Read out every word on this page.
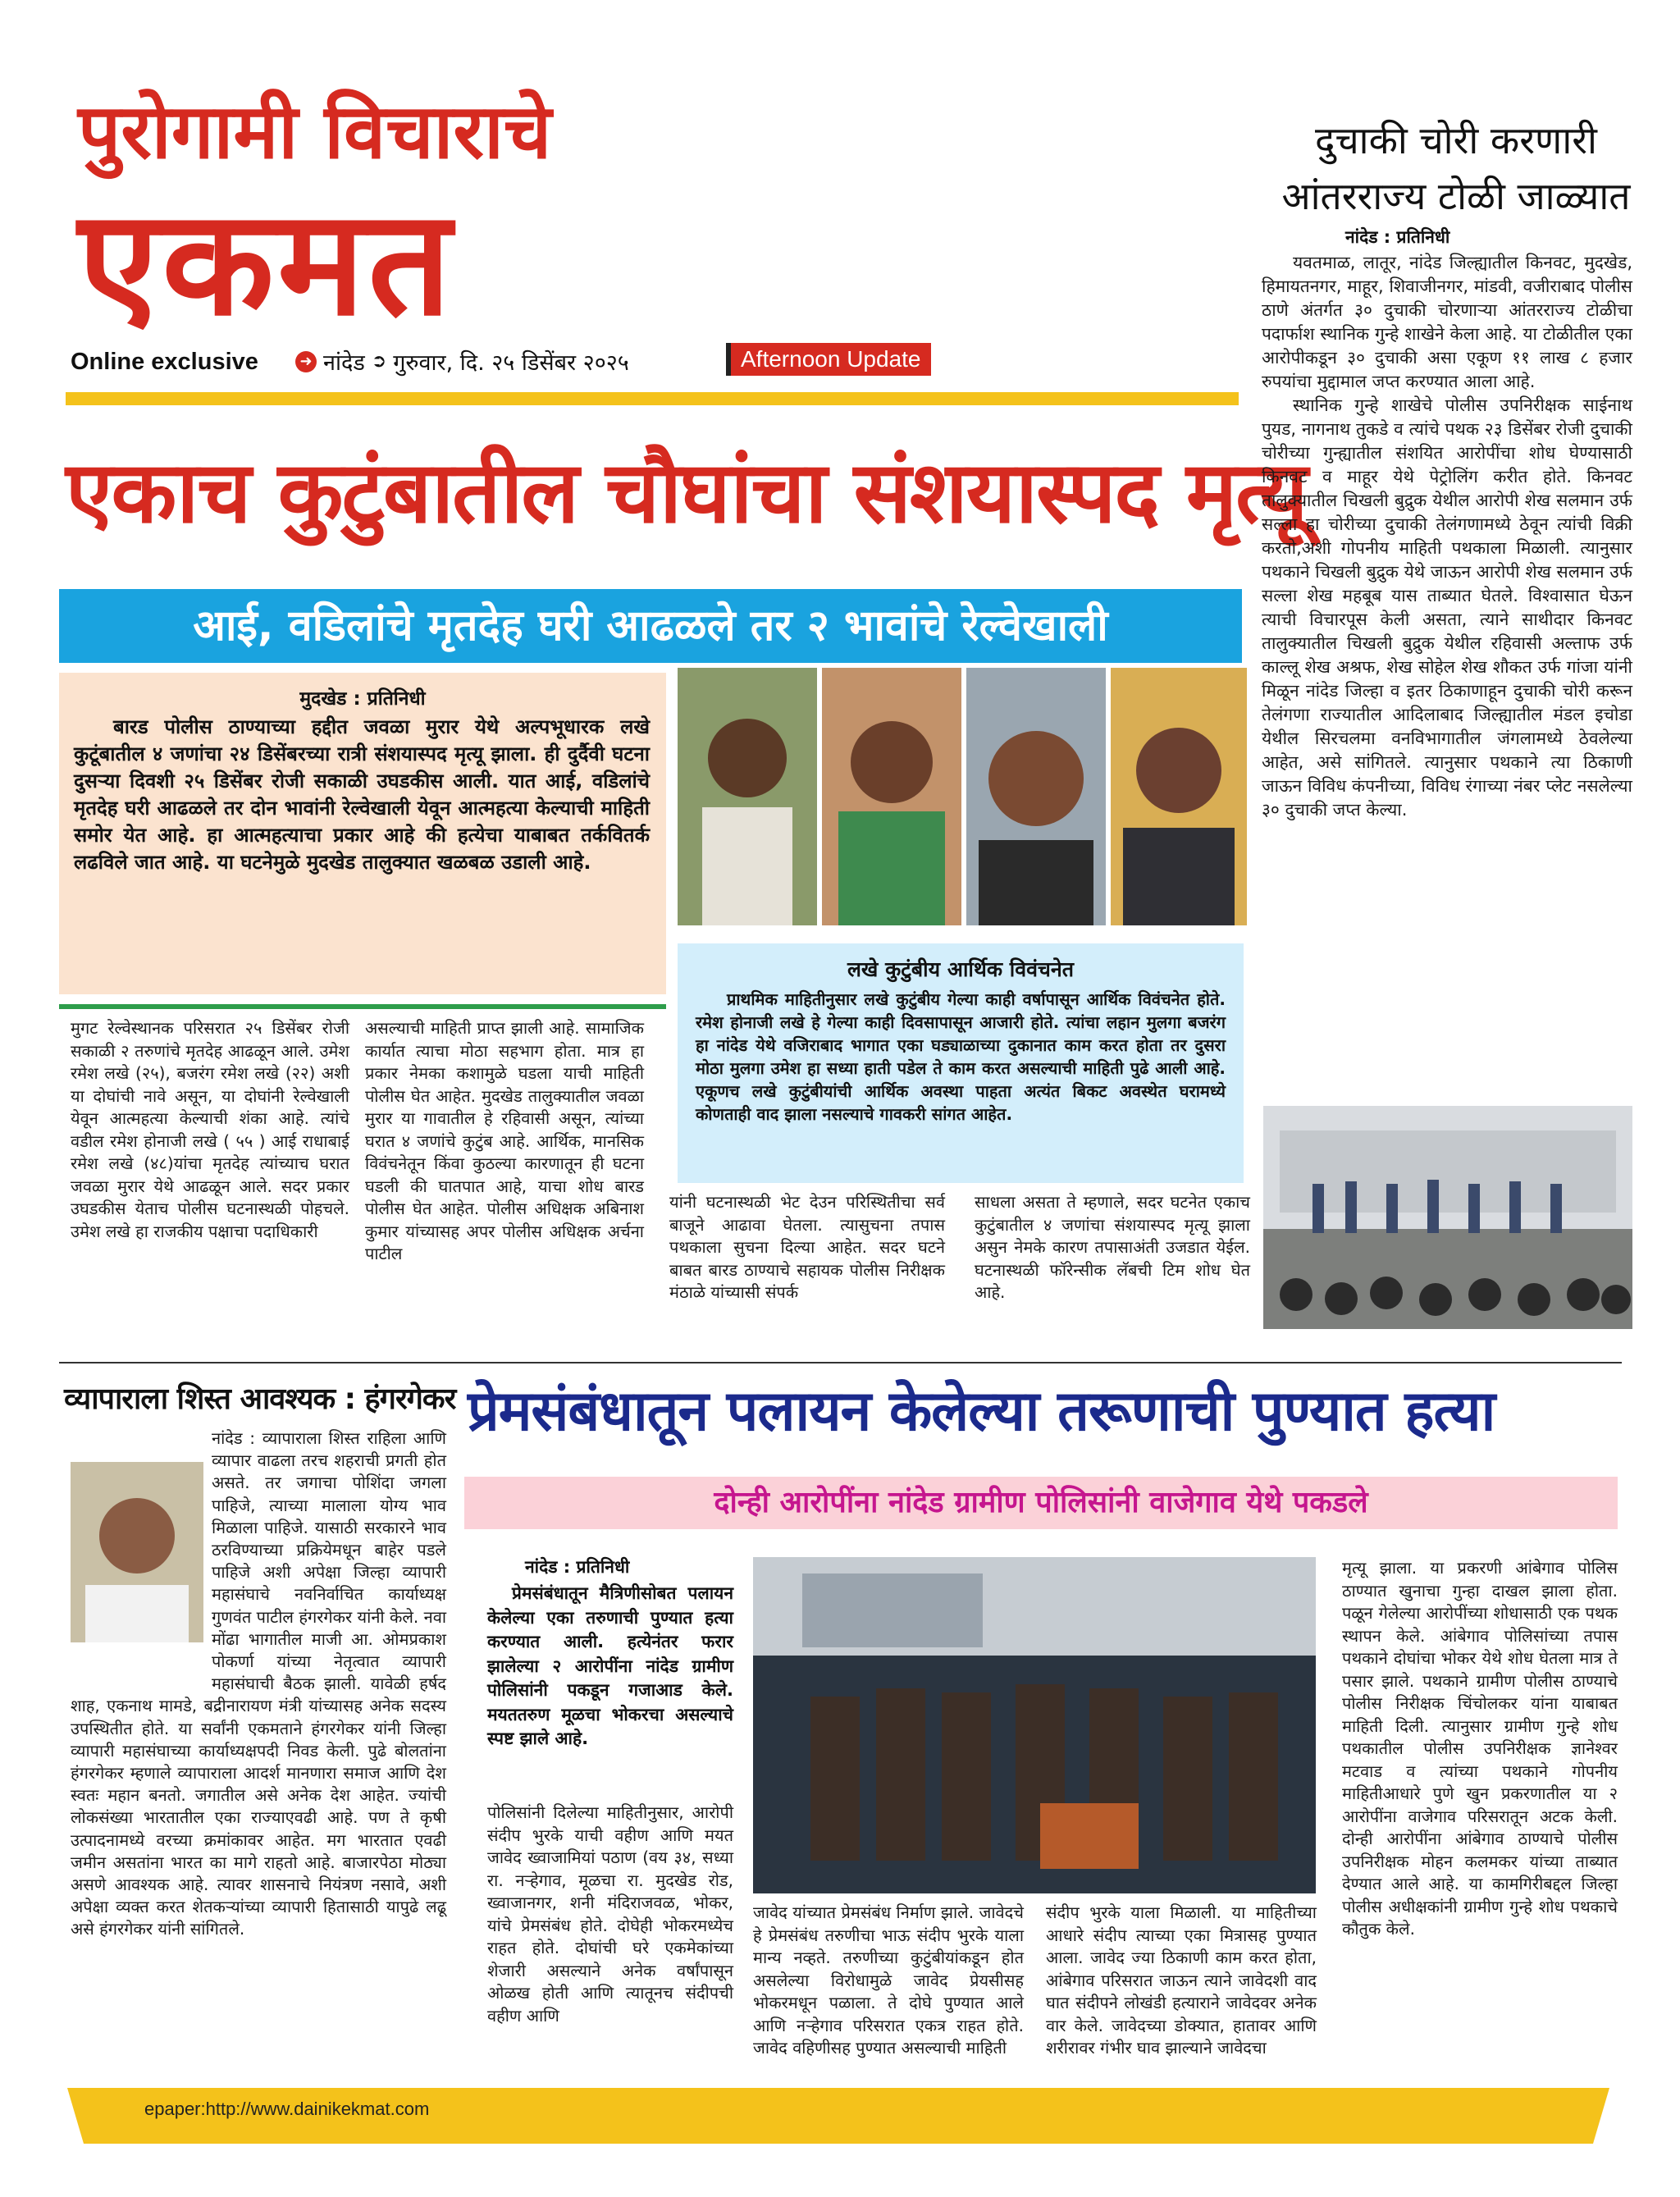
पुरोगामी विचाराचे
एकमत
Online exclusive	➜ नांदेड ➲ गुरुवार, दि. २५ डिसेंबर २०२५	Afternoon Update
एकाच कुटुंबातील चौघांचा संशयास्पद मृत्यू
आई, वडिलांचे मृतदेह घरी आढळले तर २ भावांचे रेल्वेखाली
दुचाकी चोरी करणारी
आंतरराज्य टोळी जाळ्यात
नांदेड : प्रतिनिधी

यवतमाळ, लातूर, नांदेड जिल्ह्यातील किनवट, मुदखेड, हिमायतनगर, माहूर, शिवाजीनगर, मांडवी, वजीराबाद पोलीस ठाणे अंतर्गत ३० दुचाकी चोरणाऱ्या आंतरराज्य टोळीचा पदार्फाश स्थानिक गुन्हे शाखेने केला आहे. या टोळीतील एका आरोपीकडून ३० दुचाकी असा एकूण ११ लाख ८ हजार रुपयांचा मुद्दामाल जप्त करण्यात आला आहे.

स्थानिक गुन्हे शाखेचे पोलीस उपनिरीक्षक साईनाथ पुयड, नागनाथ तुकडे व त्यांचे पथक २३ डिसेंबर रोजी दुचाकी चोरीच्या गुन्ह्यातील संशयित आरोपींचा शोध घेण्यासाठी किनवट व माहूर येथे पेट्रोलिंग करीत होते. किनवट तालुक्यातील चिखली बुद्रुक येथील आरोपी शेख सलमान उर्फ सल्ला हा चोरीच्या दुचाकी तेलंगणामध्ये ठेवून त्यांची विक्री करतो,अशी गोपनीय माहिती पथकाला मिळाली. त्यानुसार पथकाने चिखली बुद्रुक येथे जाऊन आरोपी शेख सलमान उर्फ सल्ला शेख महबूब यास ताब्यात घेतले. विश्वासात घेऊन त्याची विचारपूस केली असता, त्याने साथीदार किनवट तालुक्यातील चिखली बुद्रुक येथील रहिवासी अल्ताफ उर्फ काल्लू शेख अश्रफ, शेख सोहेल शेख शौकत उर्फ गांजा यांनी मिळून नांदेड जिल्हा व इतर ठिकाणाहून दुचाकी चोरी करून तेलंगणा राज्यातील आदिलाबाद जिल्ह्यातील मंडल इचोडा येथील सिरचलमा वनविभागातील जंगलामध्ये ठेवलेल्या आहेत, असे सांगितले. त्यानुसार पथकाने त्या ठिकाणी जाऊन विविध कंपनीच्या, विविध रंगाच्या नंबर प्लेट नसलेल्या ३० दुचाकी जप्त केल्या.

मुदखेड : प्रतिनिधी
बारड पोलीस ठाण्याच्या हद्दीत जवळा मुरार येथे अल्पभूधारक लखे कुटूंबातील ४ जणांचा २४ डिसेंबरच्या रात्री संशयास्पद मृत्यू झाला. ही दुर्दैवी घटना दुसऱ्या दिवशी २५ डिसेंबर रोजी सकाळी उघडकीस आली. यात आई, वडिलांचे मृतदेह घरी आढळले तर दोन भावांनी रेल्वेखाली येवून आत्महत्या केल्याची माहिती समोर येत आहे. हा आत्महत्याचा प्रकार आहे की हत्येचा याबाबत तर्कवितर्क लढविले जात आहे. या घटनेमुळे मुदखेड तालुक्यात खळबळ उडाली आहे.
लखे कुटुंबीय आर्थिक विवंचनेत
प्राथमिक माहितीनुसार लखे कुटुंबीय गेल्या काही वर्षापासून आर्थिक विवंचनेत होते. रमेश होनाजी लखे हे गेल्या काही दिवसापासून आजारी होते. त्यांचा लहान मुलगा बजरंग हा नांदेड येथे वजिराबाद भागात एका घड्याळाच्या दुकानात काम करत होता तर दुसरा मोठा मुलगा उमेश हा सध्या हाती पडेल ते काम करत असल्याची माहिती पुढे आली आहे. एकूणच लखे कुटुंबीयांची आर्थिक अवस्था पाहता अत्यंत बिकट अवस्थेत घरामध्ये कोणताही वाद झाला नसल्याचे गावकरी सांगत आहेत.
मुगट रेल्वेस्थानक परिसरात २५ डिसेंबर रोजी सकाळी २ तरुणांचे मृतदेह आढळून आले. उमेश रमेश लखे (२५), बजरंग रमेश लखे (२२) अशी या दोघांची नावे असून, या दोघांनी रेल्वेखाली येवून आत्महत्या केल्याची शंका आहे. त्यांचे वडील रमेश होनाजी लखे ( ५५ ) आई राधाबाई रमेश लखे (४८)यांचा मृतदेह त्यांच्याच घरात जवळा मुरार येथे आढळून आले. सदर प्रकार उघडकीस येताच पोलीस घटनास्थळी पोहचले. उमेश लखे हा राजकीय पक्षाचा पदाधिकारी
असल्याची माहिती प्राप्त झाली आहे. सामाजिक कार्यात त्याचा मोठा सहभाग होता. मात्र हा प्रकार नेमका कशामुळे घडला याची माहिती पोलीस घेत आहेत. मुदखेड तालुक्यातील जवळा मुरार या गावातील हे रहिवासी असून, त्यांच्या घरात ४ जणांचे कुटुंब आहे. आर्थिक, मानसिक विवंचनेतून किंवा कुठल्या कारणातून ही घटना घडली की घातपात आहे, याचा शोध बारड पोलीस घेत आहेत. पोलीस अधिक्षक अबिनाश कुमार यांच्यासह अपर पोलीस अधिक्षक अर्चना पाटील
यांनी घटनास्थळी भेट देउन परिस्थितीचा सर्व बाजूने आढावा घेतला. त्यासुचना तपास पथकाला सुचना दिल्या आहेत. सदर घटने बाबत बारड ठाण्याचे सहायक पोलीस निरीक्षक मंठाळे यांच्यासी संपर्क
साधला असता ते म्हणाले, सदर घटनेत एकाच कुटुंबातील ४ जणांचा संशयास्पद मृत्यू झाला असुन नेमके कारण तपासाअंती उजडात येईल. घटनास्थळी फॉरेन्सीक लॅबची टिम शोध घेत आहे.
व्यापाराला शिस्त आवश्यक : हंगरगेकर
नांदेड : व्यापाराला शिस्त राहिला आणि व्यापार वाढला तरच शहराची प्रगती होत असते. तर जगाचा पोशिंदा जगला पाहिजे, त्याच्या मालाला योग्य भाव मिळाला पाहिजे. यासाठी सरकारने भाव ठरविण्याच्या प्रक्रियेमधून बाहेर पडले पाहिजे अशी अपेक्षा जिल्हा व्यापारी महासंघाचे नवनिर्वाचित कार्याध्यक्ष गुणवंत पाटील हंगरगेकर यांनी केले. नवा मोंढा भागातील माजी आ. ओमप्रकाश पोकर्णा यांच्या नेतृत्वात व्यापारी महासंघाची बैठक झाली. यावेळी हर्षद शाह, एकनाथ मामडे, बद्रीनारायण मंत्री यांच्यासह अनेक सदस्य उपस्थितीत होते. या सर्वांनी एकमताने हंगरगेकर यांनी जिल्हा व्यापारी महासंघाच्या कार्याध्यक्षपदी निवड केली. पुढे बोलतांना हंगरगेकर म्हणाले व्यापाराला आदर्श मानणारा समाज आणि देश स्वतः महान बनतो. जगातील असे अनेक देश आहेत. ज्यांची लोकसंख्या भारतातील एका राज्याएवढी आहे. पण ते कृषी उत्पादनामध्ये वरच्या क्रमांकावर आहेत. मग भारतात एवढी जमीन असतांना भारत का मागे राहतो आहे. बाजारपेठा मोठ्या असणे आवश्यक आहे. त्यावर शासनाचे नियंत्रण नसावे, अशी अपेक्षा व्यक्त करत शेतकऱ्यांच्या व्यापारी हितासाठी यापुढे लढू असे हंगरगेकर यांनी सांगितले.
प्रेमसंबंधातून पलायन केलेल्या तरूणाची पुण्यात हत्या
दोन्ही आरोपींना नांदेड ग्रामीण पोलिसांनी वाजेगाव येथे पकडले
नांदेड : प्रतिनिधी
प्रेमसंबंधातून मैत्रिणीसोबत पलायन केलेल्या एका तरुणाची पुण्यात हत्या करण्यात आली. हत्येनंतर फरार झालेल्या २ आरोपींना नांदेड ग्रामीण पोलिसांनी पकडून गजाआड केले. मयततरुण मूळचा भोकरचा असल्याचे स्पष्ट झाले आहे.
पोलिसांनी दिलेल्या माहितीनुसार, आरोपी संदीप भुरके याची वहीण आणि मयत जावेद ख्वाजामियां पठाण (वय ३४, सध्या रा. नऱ्हेगाव, मूळचा रा. मुदखेड रोड, ख्वाजानगर, शनी मंदिराजवळ, भोकर, यांचे प्रेमसंबंध होते. दोघेही भोकरमध्येच राहत होते. दोघांची घरे एकमेकांच्या शेजारी असल्याने अनेक वर्षांपासून ओळख होती आणि त्यातूनच संदीपची वहीण आणि
जावेद यांच्यात प्रेमसंबंध निर्माण झाले. जावेदचे हे प्रेमसंबंध तरुणीचा भाऊ संदीप भुरके याला मान्य नव्हते. तरुणीच्या कुटुंबीयांकडून होत असलेल्या विरोधामुळे जावेद प्रेयसीसह भोकरमधून पळाला. ते दोघे पुण्यात आले आणि नऱ्हेगाव परिसरात एकत्र राहत होते. जावेद वहिणीसह पुण्यात असल्याची माहिती
संदीप भुरके याला मिळाली. या माहितीच्या आधारे संदीप त्याच्या एका मित्रासह पुण्यात आला. जावेद ज्या ठिकाणी काम करत होता, आंबेगाव परिसरात जाऊन त्याने जावेदशी वाद घात संदीपने लोखंडी हत्याराने जावेदवर अनेक वार केले. जावेदच्या डोक्यात, हातावर आणि शरीरावर गंभीर घाव झाल्याने जावेदचा
मृत्यू झाला. या प्रकरणी आंबेगाव पोलिस ठाण्यात खुनाचा गुन्हा दाखल झाला होता. पळून गेलेल्या आरोपींच्या शोधासाठी एक पथक स्थापन केले. आंबेगाव पोलिसांच्या तपास पथकाने दोघांचा भोकर येथे शोध घेतला मात्र ते पसार झाले. पथकाने ग्रामीण पोलीस ठाण्याचे पोलीस निरीक्षक चिंचोलकर यांना याबाबत माहिती दिली. त्यानुसार ग्रामीण गुन्हे शोध पथकातील पोलीस उपनिरीक्षक ज्ञानेश्वर मटवाड व त्यांच्या पथकाने गोपनीय माहितीआधारे पुणे खुन प्रकरणातील या २ आरोपींना वाजेगाव परिसरातून अटक केली. दोन्ही आरोपींना आंबेगाव ठाण्याचे पोलीस उपनिरीक्षक मोहन कलमकर यांच्या ताब्यात देण्यात आले आहे. या कामगिरीबद्दल जिल्हा पोलीस अधीक्षकांनी ग्रामीण गुन्हे शोध पथकाचे कौतुक केले.
epaper:http://www.dainikekmat.com
